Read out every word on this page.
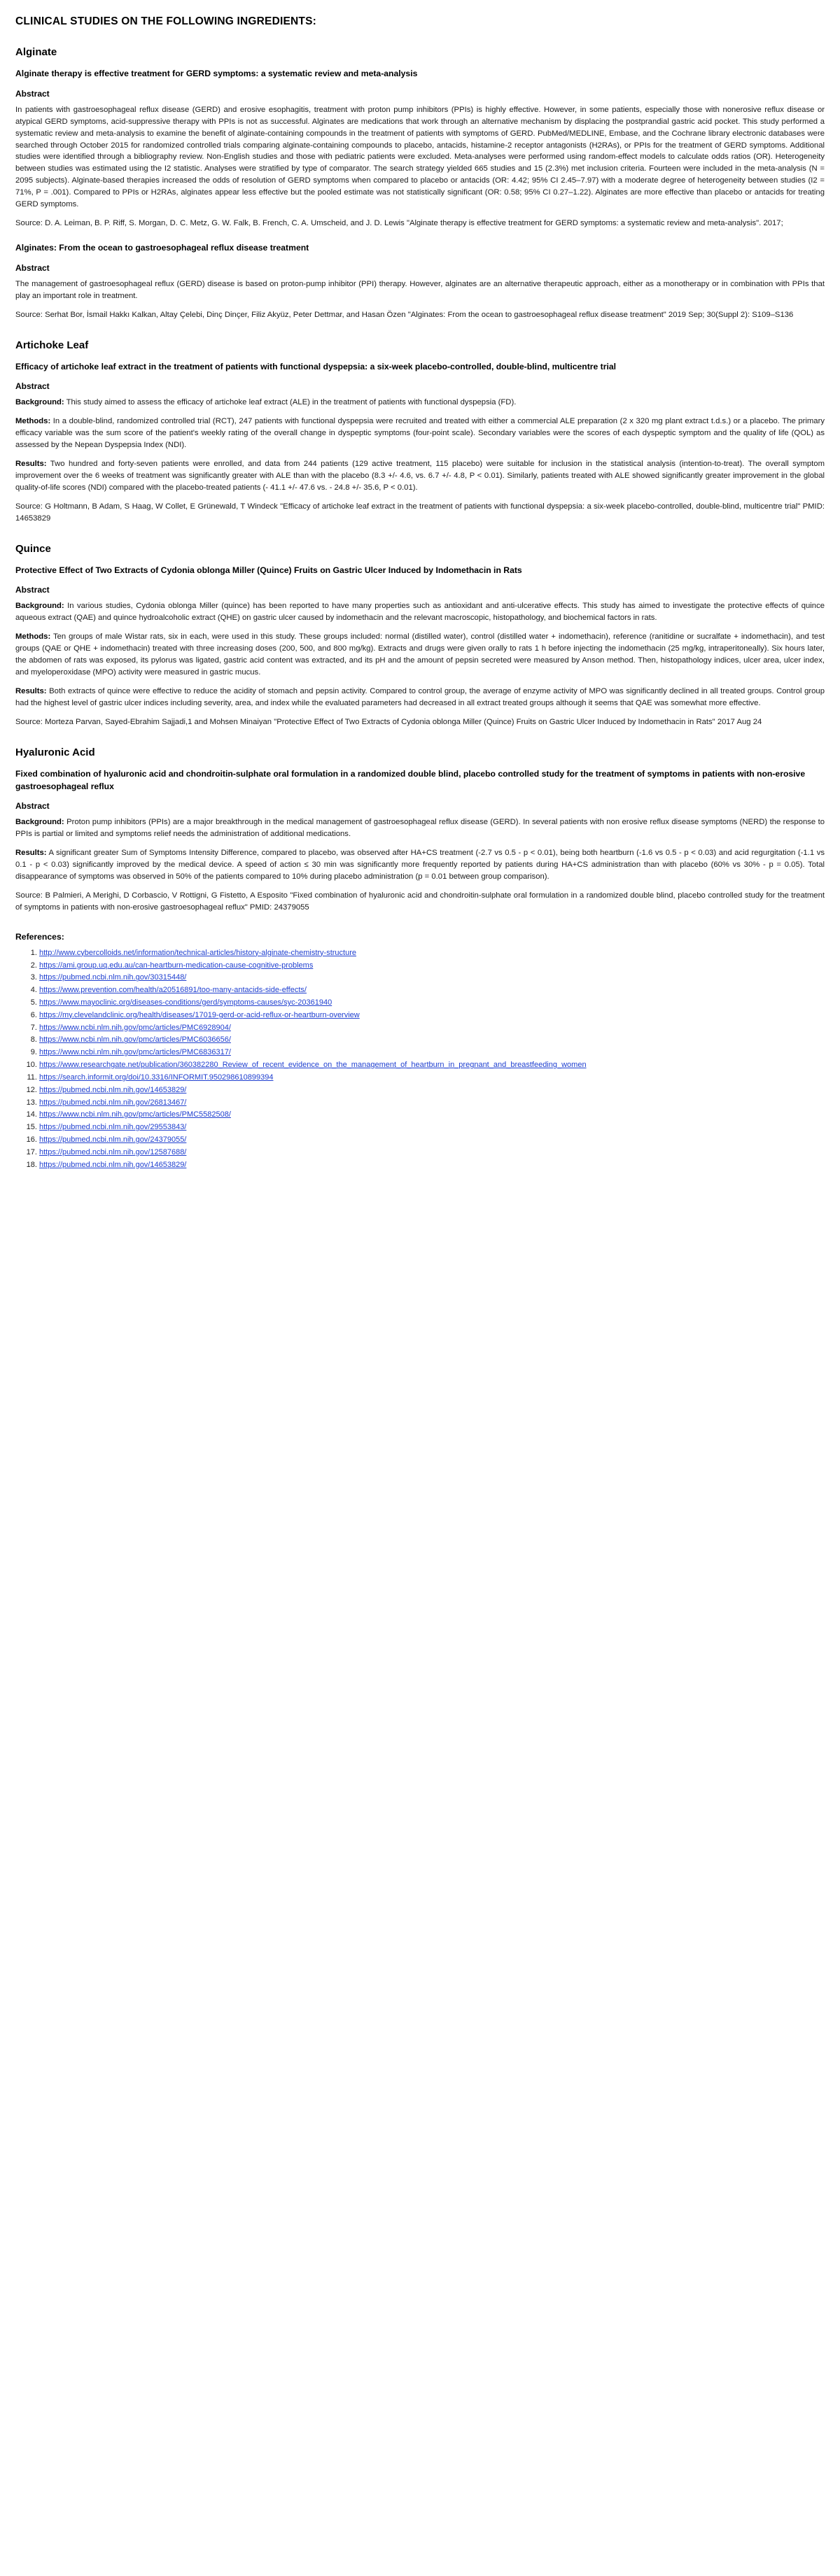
CLINICAL STUDIES ON THE FOLLOWING INGREDIENTS:
Alginate
Alginate therapy is effective treatment for GERD symptoms: a systematic review and meta-analysis
Abstract

In patients with gastroesophageal reflux disease (GERD) and erosive esophagitis, treatment with proton pump inhibitors (PPIs) is highly effective. However, in some patients, especially those with nonerosive reflux disease or atypical GERD symptoms, acid-suppressive therapy with PPIs is not as successful. Alginates are medications that work through an alternative mechanism by displacing the postprandial gastric acid pocket. This study performed a systematic review and meta-analysis to examine the benefit of alginate-containing compounds in the treatment of patients with symptoms of GERD. PubMed/MEDLINE, Embase, and the Cochrane library electronic databases were searched through October 2015 for randomized controlled trials comparing alginate-containing compounds to placebo, antacids, histamine-2 receptor antagonists (H2RAs), or PPIs for the treatment of GERD symptoms. Additional studies were identified through a bibliography review. Non-English studies and those with pediatric patients were excluded. Meta-analyses were performed using random-effect models to calculate odds ratios (OR). Heterogeneity between studies was estimated using the I2 statistic. Analyses were stratified by type of comparator. The search strategy yielded 665 studies and 15 (2.3%) met inclusion criteria. Fourteen were included in the meta-analysis (N = 2095 subjects). Alginate-based therapies increased the odds of resolution of GERD symptoms when compared to placebo or antacids (OR: 4.42; 95% CI 2.45–7.97) with a moderate degree of heterogeneity between studies (I2 = 71%, P = .001). Compared to PPIs or H2RAs, alginates appear less effective but the pooled estimate was not statistically significant (OR: 0.58; 95% CI 0.27–1.22). Alginates are more effective than placebo or antacids for treating GERD symptoms.

Source: D. A. Leiman, B. P. Riff, S. Morgan, D. C. Metz, G. W. Falk, B. French, C. A. Umscheid, and J. D. Lewis "Alginate therapy is effective treatment for GERD symptoms: a systematic review and meta-analysis". 2017;

Alginates: From the ocean to gastroesophageal reflux disease treatment
Abstract

The management of gastroesophageal reflux (GERD) disease is based on proton-pump inhibitor (PPI) therapy. However, alginates are an alternative therapeutic approach, either as a monotherapy or in combination with PPIs that play an important role in treatment.

Source: Serhat Bor, İsmail Hakkı Kalkan, Altay Çelebi, Dinç Dinçer, Filiz Akyüz, Peter Dettmar, and Hasan Özen "Alginates: From the ocean to gastroesophageal reflux disease treatment" 2019 Sep; 30(Suppl 2): S109–S136

Artichoke Leaf
Efficacy of artichoke leaf extract in the treatment of patients with functional dyspepsia: a six-week placebo-controlled, double-blind, multicentre trial
Abstract

Background: This study aimed to assess the efficacy of artichoke leaf extract (ALE) in the treatment of patients with functional dyspepsia (FD).

Methods: In a double-blind, randomized controlled trial (RCT), 247 patients with functional dyspepsia were recruited and treated with either a commercial ALE preparation (2 x 320 mg plant extract t.d.s.) or a placebo. The primary efficacy variable was the sum score of the patient's weekly rating of the overall change in dyspeptic symptoms (four-point scale). Secondary variables were the scores of each dyspeptic symptom and the quality of life (QOL) as assessed by the Nepean Dyspepsia Index (NDI).

Results: Two hundred and forty-seven patients were enrolled, and data from 244 patients (129 active treatment, 115 placebo) were suitable for inclusion in the statistical analysis (intention-to-treat). The overall symptom improvement over the 6 weeks of treatment was significantly greater with ALE than with the placebo (8.3 +/- 4.6, vs. 6.7 +/- 4.8, P < 0.01). Similarly, patients treated with ALE showed significantly greater improvement in the global quality-of-life scores (NDI) compared with the placebo-treated patients (- 41.1 +/- 47.6 vs. - 24.8 +/- 35.6, P < 0.01).

Source: G Holtmann, B Adam, S Haag, W Collet, E Grünewald, T Windeck "Efficacy of artichoke leaf extract in the treatment of patients with functional dyspepsia: a six-week placebo-controlled, double-blind, multicentre trial" PMID: 14653829

Quince
Protective Effect of Two Extracts of Cydonia oblonga Miller (Quince) Fruits on Gastric Ulcer Induced by Indomethacin in Rats
Abstract

Background: In various studies, Cydonia oblonga Miller (quince) has been reported to have many properties such as antioxidant and anti-ulcerative effects. This study has aimed to investigate the protective effects of quince aqueous extract (QAE) and quince hydroalcoholic extract (QHE) on gastric ulcer caused by indomethacin and the relevant macroscopic, histopathology, and biochemical factors in rats.

Methods: Ten groups of male Wistar rats, six in each, were used in this study. These groups included: normal (distilled water), control (distilled water + indomethacin), reference (ranitidine or sucralfate + indomethacin), and test groups (QAE or QHE + indomethacin) treated with three increasing doses (200, 500, and 800 mg/kg). Extracts and drugs were given orally to rats 1 h before injecting the indomethacin (25 mg/kg, intraperitoneally). Six hours later, the abdomen of rats was exposed, its pylorus was ligated, gastric acid content was extracted, and its pH and the amount of pepsin secreted were measured by Anson method. Then, histopathology indices, ulcer area, ulcer index, and myeloperoxidase (MPO) activity were measured in gastric mucus.

Results: Both extracts of quince were effective to reduce the acidity of stomach and pepsin activity. Compared to control group, the average of enzyme activity of MPO was significantly declined in all treated groups. Control group had the highest level of gastric ulcer indices including severity, area, and index while the evaluated parameters had decreased in all extract treated groups although it seems that QAE was somewhat more effective.

Source: Morteza Parvan, Sayed-Ebrahim Sajjadi,1 and Mohsen Minaiyan "Protective Effect of Two Extracts of Cydonia oblonga Miller (Quince) Fruits on Gastric Ulcer Induced by Indomethacin in Rats" 2017 Aug 24

Hyaluronic Acid
Fixed combination of hyaluronic acid and chondroitin-sulphate oral formulation in a randomized double blind, placebo controlled study for the treatment of symptoms in patients with non-erosive gastroesophageal reflux
Abstract

Background: Proton pump inhibitors (PPIs) are a major breakthrough in the medical management of gastroesophageal reflux disease (GERD). In several patients with non erosive reflux disease symptoms (NERD) the response to PPIs is partial or limited and symptoms relief needs the administration of additional medications.

Results: A significant greater Sum of Symptoms Intensity Difference, compared to placebo, was observed after HA+CS treatment (-2.7 vs 0.5 - p < 0.01), being both heartburn (-1.6 vs 0.5 - p < 0.03) and acid regurgitation (-1.1 vs 0.1 - p < 0.03) significantly improved by the medical device. A speed of action ≤ 30 min was significantly more frequently reported by patients during HA+CS administration than with placebo (60% vs 30% - p = 0.05). Total disappearance of symptoms was observed in 50% of the patients compared to 10% during placebo administration (p = 0.01 between group comparison).

Source: B Palmieri, A Merighi, D Corbascio, V Rottigni, G Fistetto, A Esposito "Fixed combination of hyaluronic acid and chondroitin-sulphate oral formulation in a randomized double blind, placebo controlled study for the treatment of symptoms in patients with non-erosive gastroesophageal reflux" PMID: 24379055

References:
1. http://www.cybercolloids.net/information/technical-articles/history-alginate-chemistry-structure
2. https://ami.group.uq.edu.au/can-heartburn-medication-cause-cognitive-problems
3. https://pubmed.ncbi.nlm.nih.gov/30315448/
4. https://www.prevention.com/health/a20516891/too-many-antacids-side-effects/
5. https://www.mayoclinic.org/diseases-conditions/gerd/symptoms-causes/syc-20361940
6. https://my.clevelandclinic.org/health/diseases/17019-gerd-or-acid-reflux-or-heartburn-overview
7. https://www.ncbi.nlm.nih.gov/pmc/articles/PMC6928904/
8. https://www.ncbi.nlm.nih.gov/pmc/articles/PMC6036656/
9. https://www.ncbi.nlm.nih.gov/pmc/articles/PMC6836317/
10. https://www.researchgate.net/publication/360382280_Review_of_recent_evidence_on_the_management_of_heartburn_in_pregnant_and_breastfeeding_women
11. https://search.informit.org/doi/10.3316/INFORMIT.950298610899394
12. https://pubmed.ncbi.nlm.nih.gov/14653829/
13. https://pubmed.ncbi.nlm.nih.gov/26813467/
14. https://www.ncbi.nlm.nih.gov/pmc/articles/PMC5582508/
15. https://pubmed.ncbi.nlm.nih.gov/29553843/
16. https://pubmed.ncbi.nlm.nih.gov/24379055/
17. https://pubmed.ncbi.nlm.nih.gov/12587688/
18. https://pubmed.ncbi.nlm.nih.gov/14653829/
